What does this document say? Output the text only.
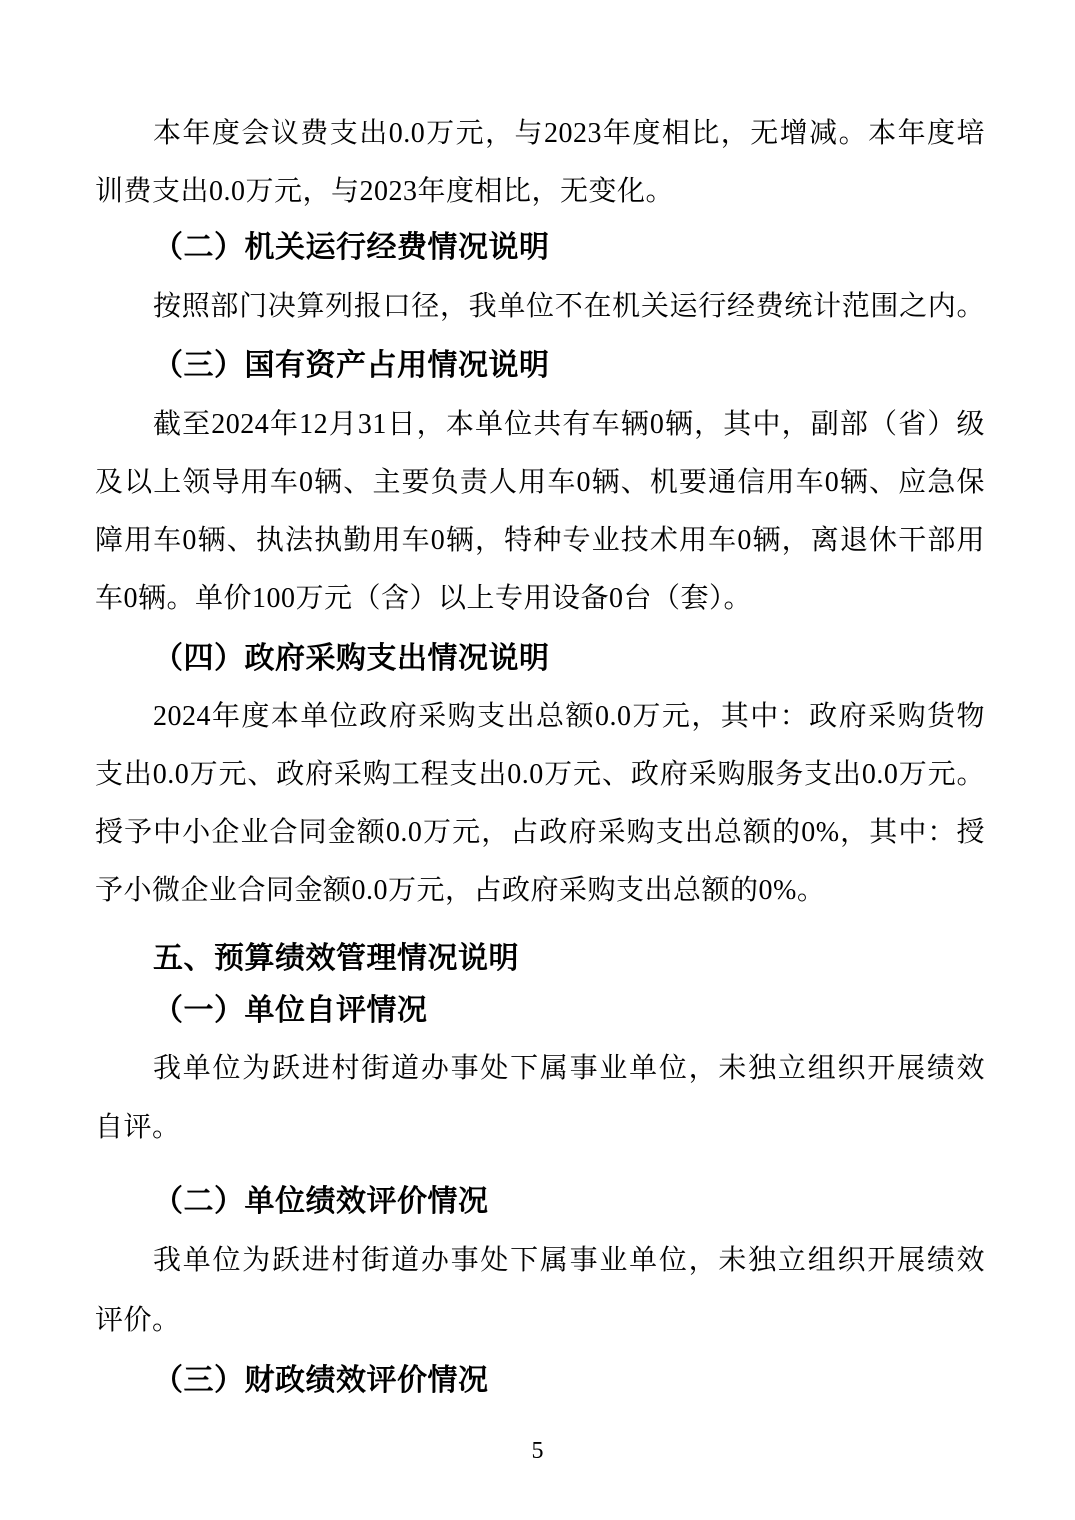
本年度会议费支出0.0万元，与2023年度相比，无增减。本年度培
训费支出0.0万元，与2023年度相比，无变化。
（二）机关运行经费情况说明
按照部门决算列报口径，我单位不在机关运行经费统计范围之内。
（三）国有资产占用情况说明
截至2024年12月31日，本单位共有车辆0辆，其中，副部（省）级
及以上领导用车0辆、主要负责人用车0辆、机要通信用车0辆、应急保
障用车0辆、执法执勤用车0辆，特种专业技术用车0辆，离退休干部用
车0辆。单价100万元（含）以上专用设备0台（套）。
（四）政府采购支出情况说明
2024年度本单位政府采购支出总额0.0万元，其中：政府采购货物
支出0.0万元、政府采购工程支出0.0万元、政府采购服务支出0.0万元。
授予中小企业合同金额0.0万元，占政府采购支出总额的0%，其中：授
予小微企业合同金额0.0万元，占政府采购支出总额的0%。
五、预算绩效管理情况说明
（一）单位自评情况
我单位为跃进村街道办事处下属事业单位，未独立组织开展绩效
自评。
（二）单位绩效评价情况
我单位为跃进村街道办事处下属事业单位，未独立组织开展绩效
评价。
（三）财政绩效评价情况
5
